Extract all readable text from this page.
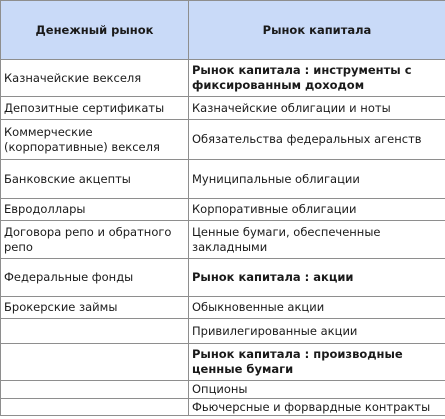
Денежный рынок	Рынок капитала
Казначейские векселя	Рынок капитала : инструменты с фиксированным доходом
Депозитные сертификаты	Казначейские облигации и ноты
Коммерческие (корпоративные) векселя	Обязательства федеральных агенств
Банковские акцепты	Муниципальные облигации
Евродоллары	Корпоративные облигации
Договора репо и обратного репо	Ценные бумаги, обеспеченные закладными
Федеральные фонды	Рынок капитала : акции
Брокерские займы	Обыкновенные акции
	Привилегированные акции
	Рынок капитала : производные ценные бумаги
	Опционы
	Фьючерсные и форвардные контракты
